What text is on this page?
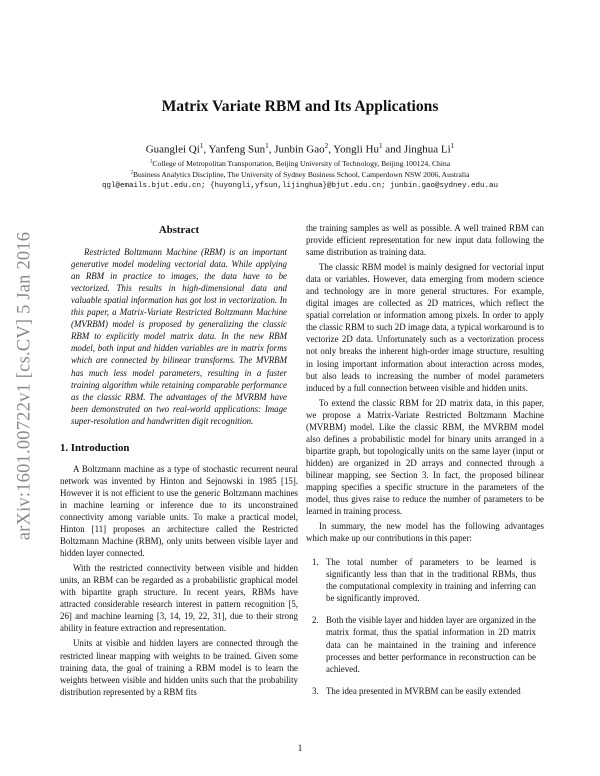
arXiv:1601.00722v1 [cs.CV] 5 Jan 2016
Matrix Variate RBM and Its Applications
Guanglei Qi$^1$, Yanfeng Sun$^1$, Junbin Gao$^2$, Yongli Hu$^1$ and Jinghua Li$^1$
$^1$College of Metropolitan Transportation, Beijing University of Technology, Beijing 100124, China
$^2$Business Analytics Discipline, The University of Sydney Business School, Camperdown NSW 2006, Australia
qgl@emails.bjut.edu.cn; {huyongli,yfsun,lijinghua}@bjut.edu.cn; junbin.gao@sydney.edu.au
Abstract

Restricted Boltzmann Machine (RBM) is an important generative model modeling vectorial data. While applying an RBM in practice to images, the data have to be vectorized. This results in high-dimensional data and valuable spatial information has got lost in vectorization. In this paper, a Matrix-Variate Restricted Boltzmann Machine (MVRBM) model is proposed by generalizing the classic RBM to explicitly model matrix data. In the new RBM model, both input and hidden variables are in matrix forms which are connected by bilinear transforms. The MVRBM has much less model parameters, resulting in a faster training algorithm while retaining comparable performance as the classic RBM. The advantages of the MVRBM have been demonstrated on two real-world applications: Image super-resolution and handwritten digit recognition.

1. Introduction

A Boltzmann machine as a type of stochastic recurrent neural network was invented by Hinton and Sejnowski in 1985 [15]. However it is not efficient to use the generic Boltzmann machines in machine learning or inference due to its unconstrained connectivity among variable units. To make a practical model, Hinton [11] proposes an architecture called the Restricted Boltzmann Machine (RBM), only units between visible layer and hidden layer connected.

With the restricted connectivity between visible and hidden units, an RBM can be regarded as a probabilistic graphical model with bipartite graph structure. In recent years, RBMs have attracted considerable research interest in pattern recognition [5, 26] and machine learning [3, 14, 19, 22, 31], due to their strong ability in feature extraction and representation.

Units at visible and hidden layers are connected through the restricted linear mapping with weights to be trained. Given some training data, the goal of training a RBM model is to learn the weights between visible and hidden units such that the probability distribution represented by a RBM fits

the training samples as well as possible. A well trained RBM can provide efficient representation for new input data following the same distribution as training data.

The classic RBM model is mainly designed for vectorial input data or variables. However, data emerging from modern science and technology are in more general structures. For example, digital images are collected as 2D matrices, which reflect the spatial correlation or information among pixels. In order to apply the classic RBM to such 2D image data, a typical workaround is to vectorize 2D data. Unfortunately such as a vectorization process not only breaks the inherent high-order image structure, resulting in losing important information about interaction across modes, but also leads to increasing the number of model parameters induced by a full connection between visible and hidden units.

To extend the classic RBM for 2D matrix data, in this paper, we propose a Matrix-Variate Restricted Boltzmann Machine (MVRBM) model. Like the classic RBM, the MVRBM model also defines a probabilistic model for binary units arranged in a bipartite graph, but topologically units on the same layer (input or hidden) are organized in 2D arrays and connected through a bilinear mapping, see Section 3. In fact, the proposed bilinear mapping specifies a specific structure in the parameters of the model, thus gives raise to reduce the number of parameters to be learned in training process.

In summary, the new model has the following advantages which make up our contributions in this paper:

1. The total number of parameters to be learned is significantly less than that in the traditional RBMs, thus the computational complexity in training and inferring can be significantly improved.
2. Both the visible layer and hidden layer are organized in the matrix format, thus the spatial information in 2D matrix data can be maintained in the training and inference processes and better performance in reconstruction can be achieved.
3. The idea presented in MVRBM can be easily extended
1
